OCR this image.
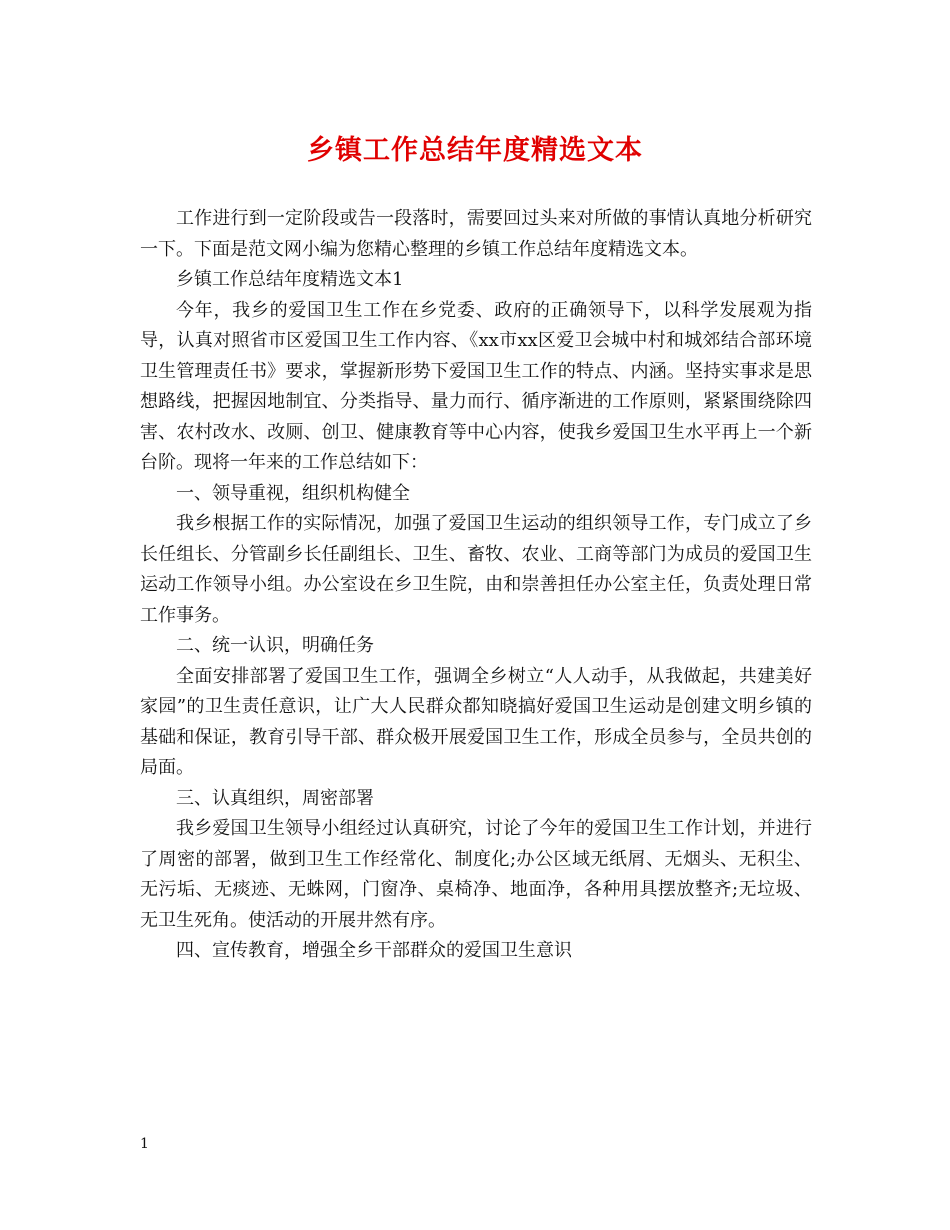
乡镇工作总结年度精选文本

工作进行到一定阶段或告一段落时，需要回过头来对所做的事情认真地分析研究一下。下面是范文网小编为您精心整理的乡镇工作总结年度精选文本。

乡镇工作总结年度精选文本1

今年，我乡的爱国卫生工作在乡党委、政府的正确领导下，以科学发展观为指导，认真对照省市区爱国卫生工作内容、《xx市xx区爱卫会城中村和城郊结合部环境卫生管理责任书》要求，掌握新形势下爱国卫生工作的特点、内涵。坚持实事求是思想路线，把握因地制宜、分类指导、量力而行、循序渐进的工作原则，紧紧围绕除四害、农村改水、改厕、创卫、健康教育等中心内容，使我乡爱国卫生水平再上一个新台阶。现将一年来的工作总结如下：

一、领导重视，组织机构健全

我乡根据工作的实际情况，加强了爱国卫生运动的组织领导工作，专门成立了乡长任组长、分管副乡长任副组长、卫生、畜牧、农业、工商等部门为成员的爱国卫生运动工作领导小组。办公室设在乡卫生院，由和崇善担任办公室主任，负责处理日常工作事务。

二、统一认识，明确任务

全面安排部署了爱国卫生工作，强调全乡树立“人人动手，从我做起，共建美好家园”的卫生责任意识，让广大人民群众都知晓搞好爱国卫生运动是创建文明乡镇的基础和保证，教育引导干部、群众极开展爱国卫生工作，形成全员参与，全员共创的局面。

三、认真组织，周密部署

我乡爱国卫生领导小组经过认真研究，讨论了今年的爱国卫生工作计划，并进行了周密的部署，做到卫生工作经常化、制度化;办公区域无纸屑、无烟头、无积尘、无污垢、无痰迹、无蛛网，门窗净、桌椅净、地面净，各种用具摆放整齐;无垃圾、无卫生死角。使活动的开展井然有序。

四、宣传教育，增强全乡干部群众的爱国卫生意识

1
